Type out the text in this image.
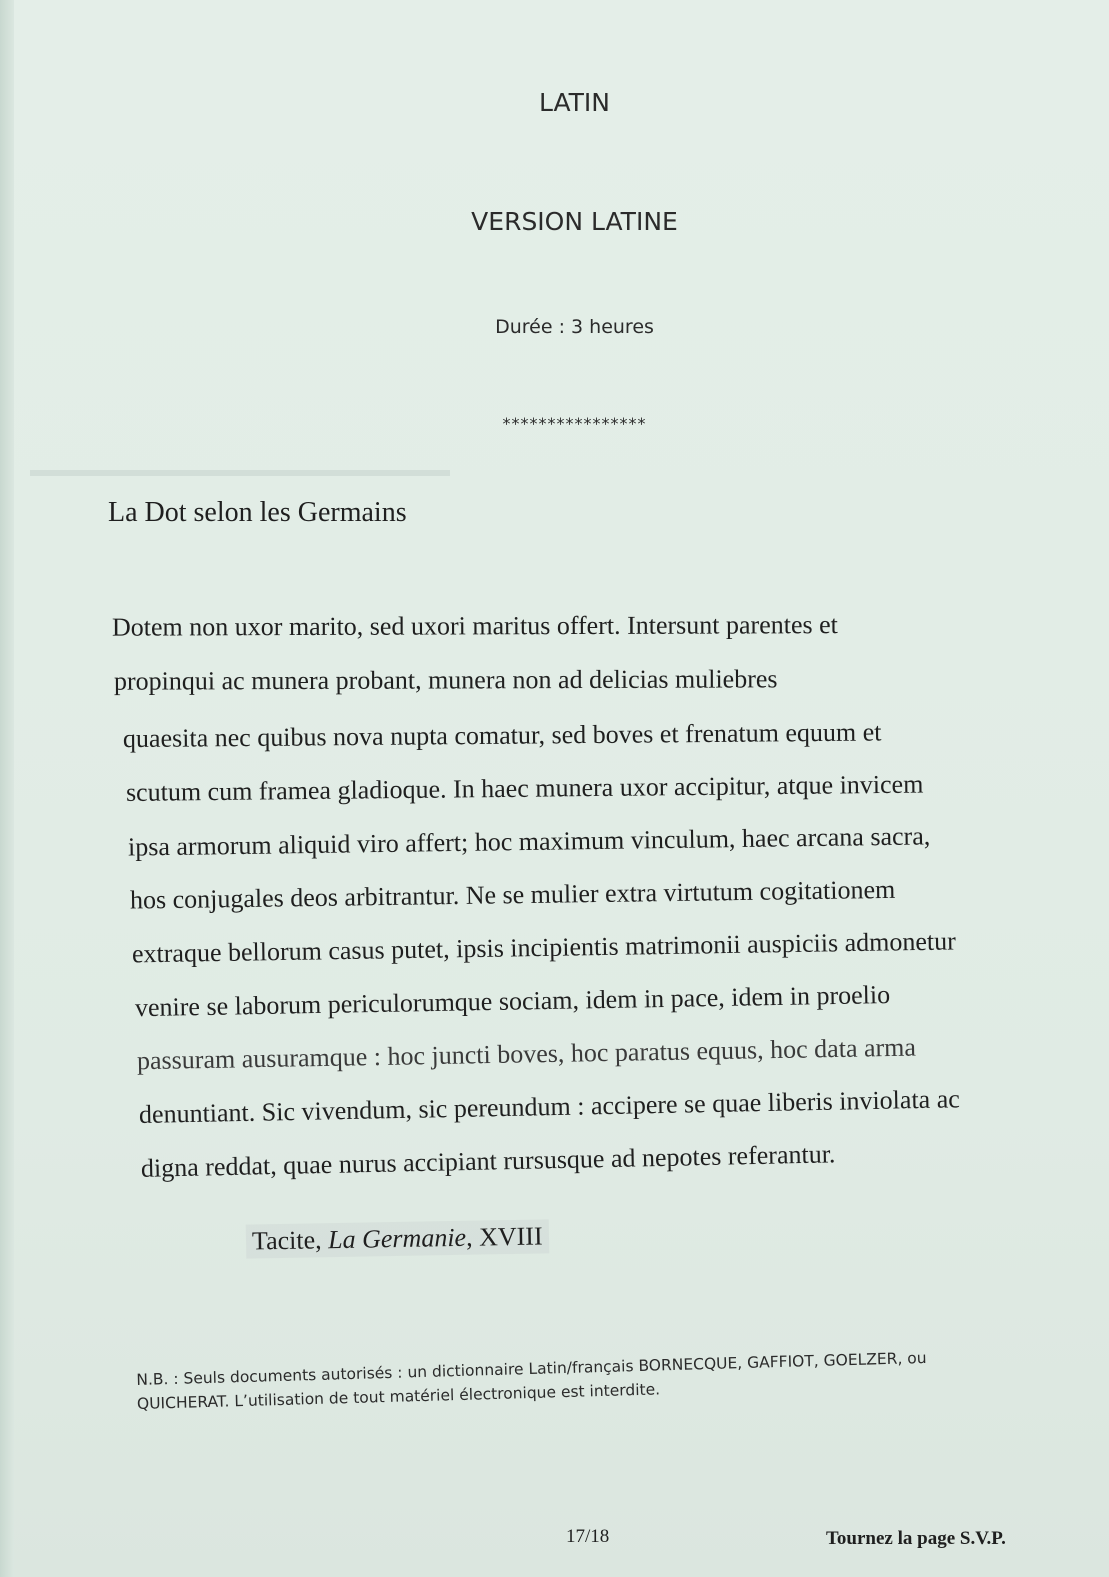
LATIN
VERSION LATINE
Durée : 3 heures
****************
La Dot selon les Germains
Dotem non uxor marito, sed uxori maritus offert. Intersunt parentes et
propinqui ac munera probant, munera non ad delicias muliebres
quaesita nec quibus nova nupta comatur, sed boves et frenatum equum et
scutum cum framea gladioque. In haec munera uxor accipitur, atque invicem
ipsa armorum aliquid viro affert; hoc maximum vinculum, haec arcana sacra,
hos conjugales deos arbitrantur. Ne se mulier extra virtutum cogitationem
extraque bellorum casus putet, ipsis incipientis matrimonii auspiciis admonetur
venire se laborum periculorumque sociam, idem in pace, idem in proelio
passuram ausuramque : hoc juncti boves, hoc paratus equus, hoc data arma
denuntiant. Sic vivendum, sic pereundum : accipere se quae liberis inviolata ac
digna reddat, quae nurus accipiant rursusque ad nepotes referantur.
Tacite, La Germanie, XVIII
N.B. : Seuls documents autorisés : un dictionnaire Latin/français BORNECQUE, GAFFIOT, GOELZER, ou
QUICHERAT. L’utilisation de tout matériel électronique est interdite.
17/18	Tournez la page S.V.P.
